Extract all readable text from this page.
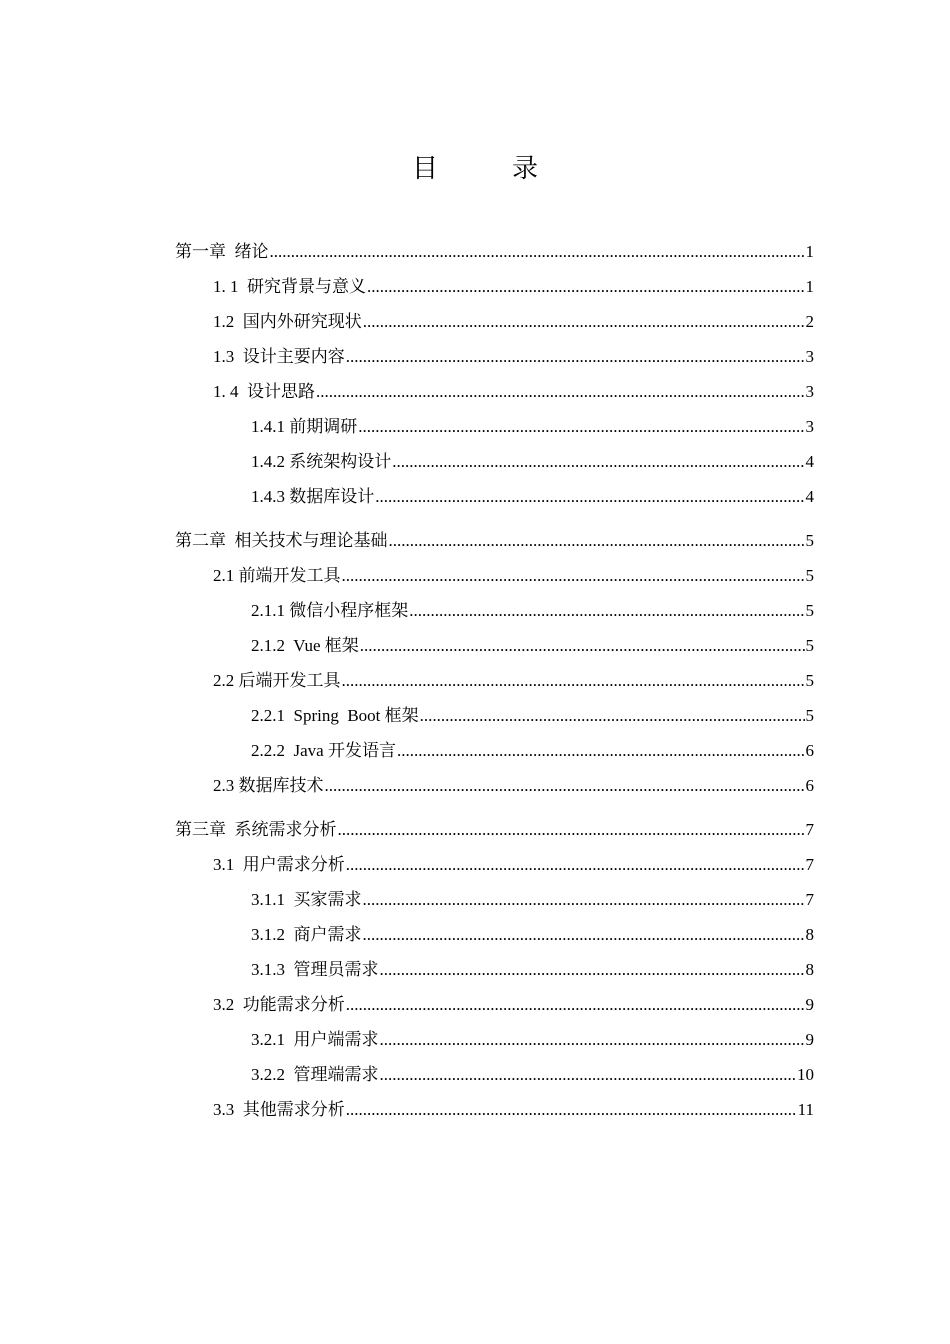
目　录
第一章  绪论 .....	1
1. 1  研究背景与意义 .....	1
1.2  国内外研究现状 .....	2
1.3  设计主要内容 .....	3
1. 4  设计思路 .....	3
1.4.1 前期调研 .....	3
1.4.2 系统架构设计 .....	4
1.4.3 数据库设计 .....	4
第二章  相关技术与理论基础 .....	5
2.1 前端开发工具 .....	5
2.1.1 微信小程序框架 .....	5
2.1.2  Vue 框架 .....	5
2.2 后端开发工具 .....	5
2.2.1  Spring  Boot 框架 .....	5
2.2.2  Java 开发语言 .....	6
2.3 数据库技术 .....	6
第三章  系统需求分析 .....	7
3.1  用户需求分析 .....	7
3.1.1  买家需求 .....	7
3.1.2  商户需求 .....	8
3.1.3  管理员需求 .....	8
3.2  功能需求分析 .....	9
3.2.1  用户端需求 .....	9
3.2.2  管理端需求 .....	10
3.3  其他需求分析 .....	11
